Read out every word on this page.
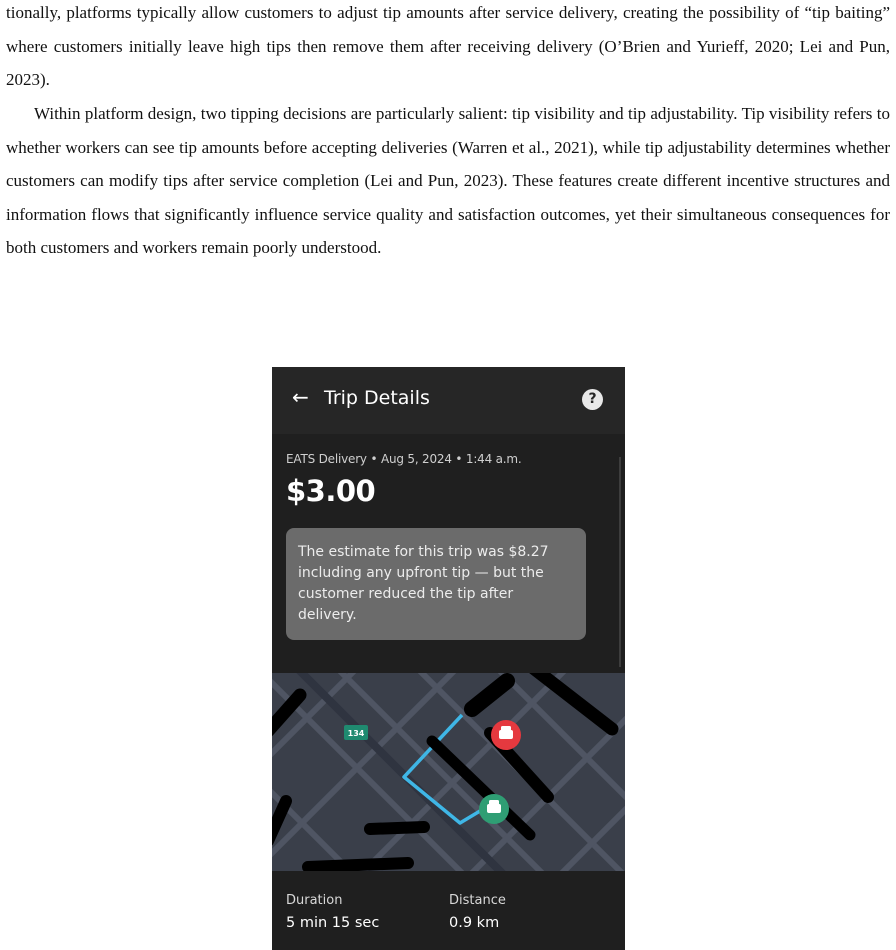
tionally, platforms typically allow customers to adjust tip amounts after service delivery, creating the possibility of “tip baiting” where customers initially leave high tips then remove them after receiving delivery (O’Brien and Yurieff, 2020; Lei and Pun, 2023).

Within platform design, two tipping decisions are particularly salient: tip visibility and tip adjustability. Tip visibility refers to whether workers can see tip amounts before accepting deliveries (Warren et al., 2021), while tip adjustability determines whether customers can modify tips after service completion (Lei and Pun, 2023). These features create different incentive structures and information flows that significantly influence service quality and satisfaction outcomes, yet their simultaneous consequences for both customers and workers remain poorly understood.

← Trip Details	?
EATS Delivery • Aug 5, 2024 • 1:44 a.m.
$3.00
The estimate for this trip was $8.27 including any upfront tip — but the customer reduced the tip after delivery.
134
Duration
5 min 15 sec
Distance
0.9 km
